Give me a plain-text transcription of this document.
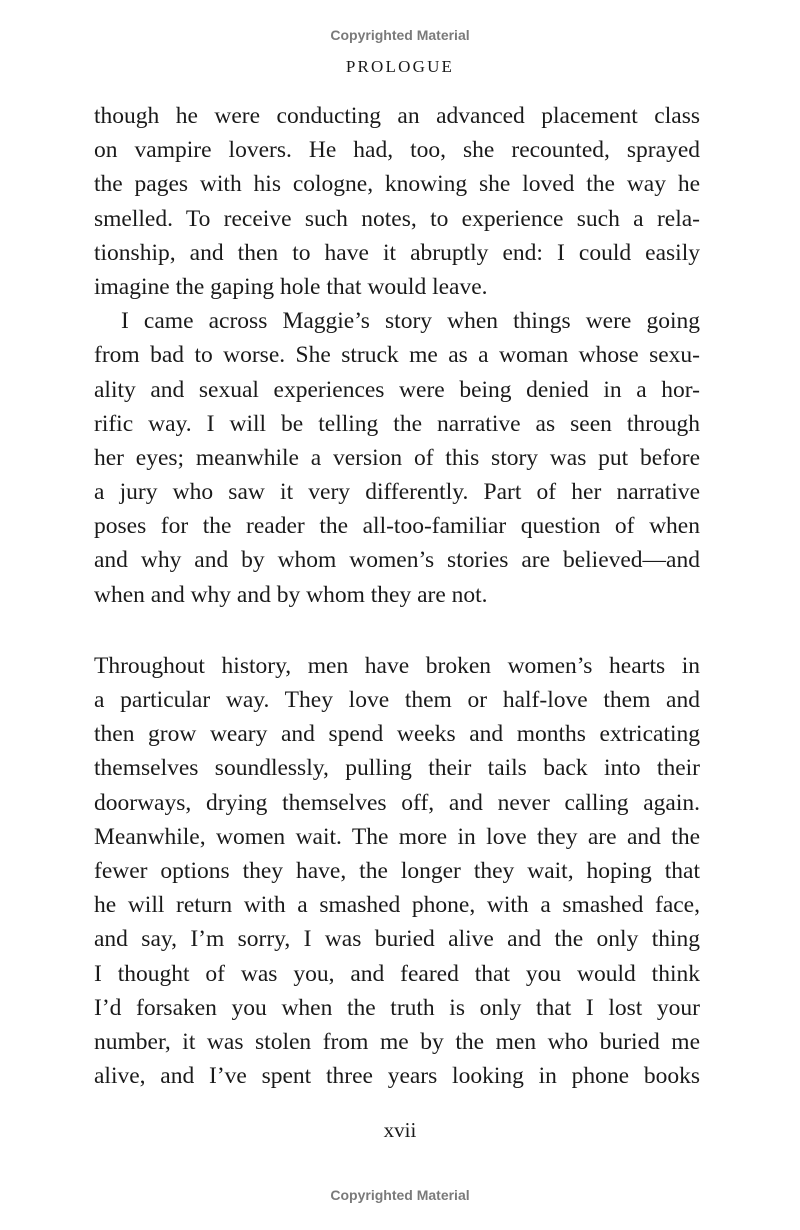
Copyrighted Material
PROLOGUE
though he were conducting an advanced placement class
on vampire lovers. He had, too, she recounted, sprayed
the pages with his cologne, knowing she loved the way he
smelled. To receive such notes, to experience such a rela-
tionship, and then to have it abruptly end: I could easily
imagine the gaping hole that would leave.
I came across Maggie’s story when things were going
from bad to worse. She struck me as a woman whose sexu-
ality and sexual experiences were being denied in a hor-
rific way. I will be telling the narrative as seen through
her eyes; meanwhile a version of this story was put before
a jury who saw it very differently. Part of her narrative
poses for the reader the all-too-familiar question of when
and why and by whom women’s stories are believed—and
when and why and by whom they are not.
Throughout history, men have broken women’s hearts in
a particular way. They love them or half-love them and
then grow weary and spend weeks and months extricating
themselves soundlessly, pulling their tails back into their
doorways, drying themselves off, and never calling again.
Meanwhile, women wait. The more in love they are and the
fewer options they have, the longer they wait, hoping that
he will return with a smashed phone, with a smashed face,
and say, I’m sorry, I was buried alive and the only thing
I thought of was you, and feared that you would think
I’d forsaken you when the truth is only that I lost your
number, it was stolen from me by the men who buried me
alive, and I’ve spent three years looking in phone books
xvii
Copyrighted Material
